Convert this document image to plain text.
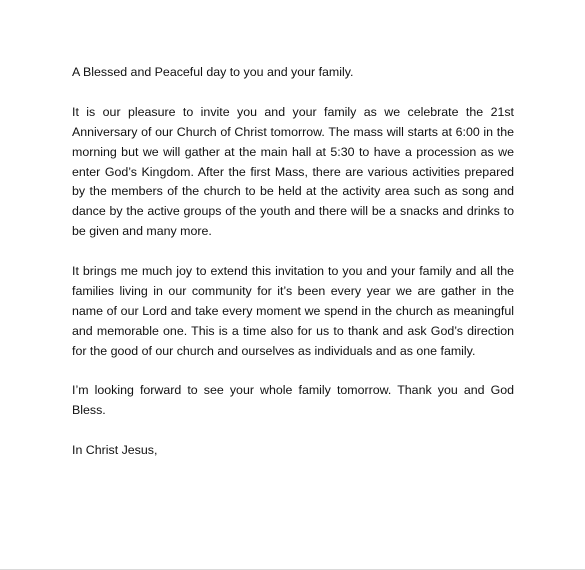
A Blessed and Peaceful day to you and your family.

It is our pleasure to invite you and your family as we celebrate the 21st Anniversary of our Church of Christ tomorrow. The mass will starts at 6:00 in the morning but we will gather at the main hall at 5:30 to have a procession as we enter God’s Kingdom. After the first Mass, there are various activities prepared by the members of the church to be held at the activity area such as song and dance by the active groups of the youth and there will be a snacks and drinks to be given and many more.

It brings me much joy to extend this invitation to you and your family and all the families living in our community for it’s been every year we are gather in the name of our Lord and take every moment we spend in the church as meaningful and memorable one. This is a time also for us to thank and ask God’s direction for the good of our church and ourselves as individuals and as one family.

I’m looking forward to see your whole family tomorrow. Thank you and God Bless.

In Christ Jesus,
